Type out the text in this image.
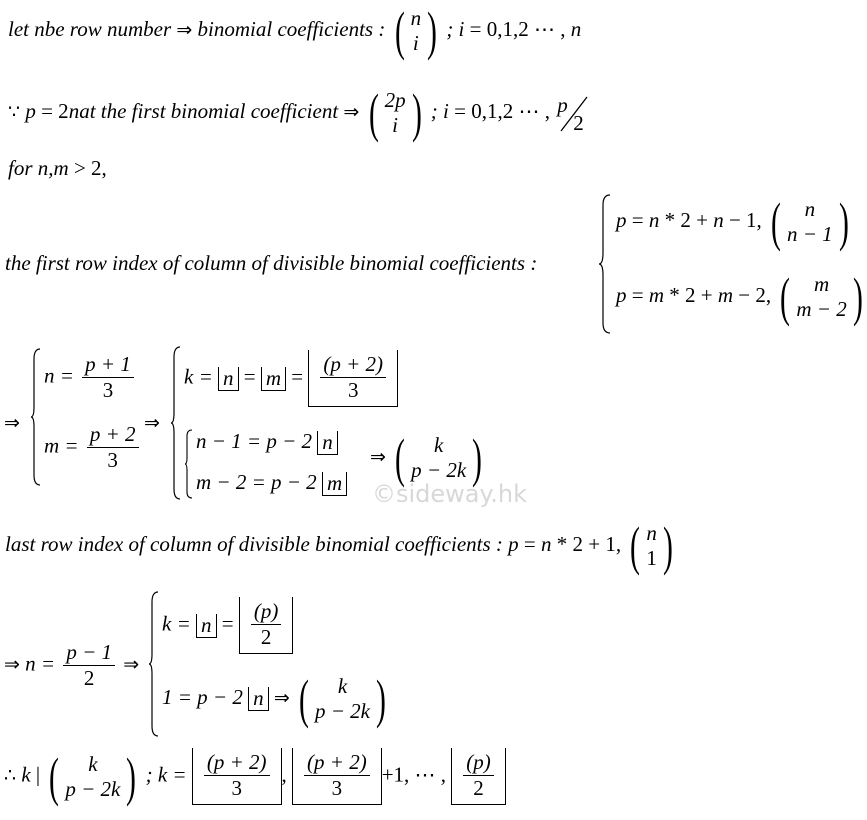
let nbe row number ⇒ binomial coefficients : ( n
i ) ; i = 0,1,2 ⋯ , n
∵ p = 2nat the first binomial coefficient ⇒ ( 2p
i ) ; i = 0,1,2 ⋯ , p
2
for n,m > 2,
the first row index of column of divisible binomial coefficients :
p = n * 2 + n − 1, ( n
n − 1 )
p = m * 2 + m − 2, ( m
m − 2 )
⇒
$n = \frac{p + 1}{3}$
$m = \frac{p + 2}{3}$ ⇒
$k = n = m = \frac{(p + 2)}{3}$
n − 1 = p − 2 n
m − 2 = p − 2 m
⇒ ( k
p − 2k )
©sideway.hk
last row index of column of divisible binomial coefficients : p = n * 2 + 1, ( n
1 )
⇒ $n = \frac{p - 1}{2}$ ⇒
$k = n = \frac{(p)}{2}$
1 = p − 2 n ⇒ ( k
p − 2k )
∴ k | ( k
p − 2k ) ; $k = \frac{(p + 2)}{3}$ , $\frac{(p + 2)}{3} +1$, ⋯ , $\frac{(p)}{2}$
